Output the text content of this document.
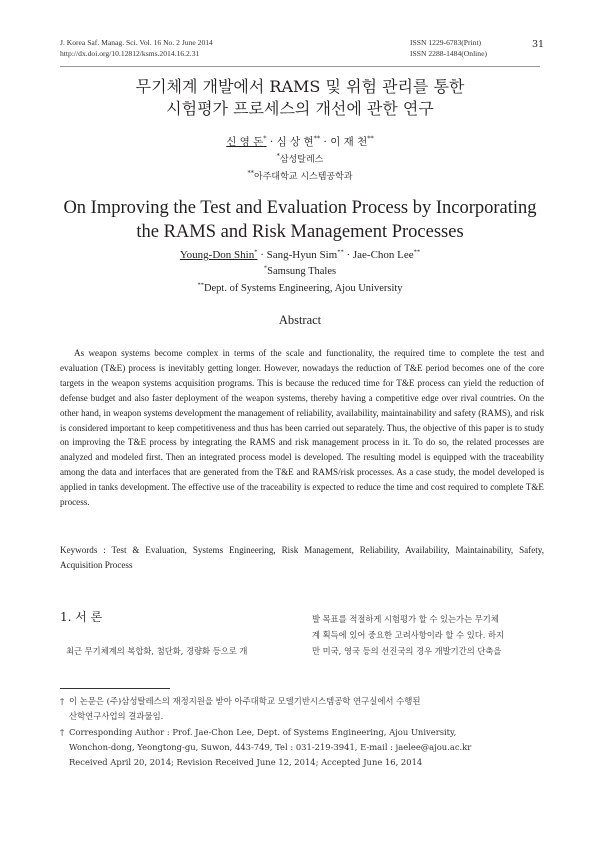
J. Korea Saf. Manag. Sci. Vol. 16 No. 2 June 2014
http://dx.doi.org/10.12812/ksms.2014.16.2.31
ISSN 1229-6783(Print)
ISSN 2288-1484(Online)
31
무기체계 개발에서 RAMS 및 위험 관리를 통한
시험평가 프로세스의 개선에 관한 연구
신 영 돈* · 심 상 현** · 이 재 천**
*삼성탈레스
**아주대학교 시스템공학과
On Improving the Test and Evaluation Process by Incorporating
the RAMS and Risk Management Processes
Young-Don Shin* · Sang-Hyun Sim** · Jae-Chon Lee**
*Samsung Thales
**Dept. of Systems Engineering, Ajou University
Abstract

As weapon systems become complex in terms of the scale and functionality, the required time to complete the test and evaluation (T&E) process is inevitably getting longer. However, nowadays the reduction of T&E period becomes one of the core targets in the weapon systems acquisition programs. This is because the reduced time for T&E process can yield the reduction of defense budget and also faster deployment of the weapon systems, thereby having a competitive edge over rival countries. On the other hand, in weapon systems development the management of reliability, availability, maintainability and safety (RAMS), and risk is considered important to keep competitiveness and thus has been carried out separately. Thus, the objective of this paper is to study on improving the T&E process by integrating the RAMS and risk management process in it. To do so, the related processes are analyzed and modeled first. Then an integrated process model is developed. The resulting model is equipped with the traceability among the data and interfaces that are generated from the T&E and RAMS/risk processes. As a case study, the model developed is applied in tanks development. The effective use of the traceability is expected to reduce the time and cost required to complete T&E process.

Keywords : Test & Evaluation, Systems Engineering, Risk Management, Reliability, Availability, Maintainability, Safety, Acquisition Process

1. 서 론
최근 무기체계의 복합화, 첨단화, 경량화 등으로 개
발 목표를 적절하게 시험평가 할 수 있는가는 무기체
계 획득에 있어 중요한 고려사항이라 할 수 있다. 하지
만 미국, 영국 등의 선진국의 경우 개발기간의 단축을
† 이 논문은 (주)삼성탈레스의 재정지원을 받아 아주대학교 모델기반시스템공학 연구실에서 수행된
산학연구사업의 결과물임.
† Corresponding Author : Prof. Jae-Chon Lee, Dept. of Systems Engineering, Ajou University,
Wonchon-dong, Yeongtong-gu, Suwon, 443-749, Tel : 031-219-3941, E-mail : jaelee@ajou.ac.kr
Received April 20, 2014; Revision Received June 12, 2014; Accepted June 16, 2014
